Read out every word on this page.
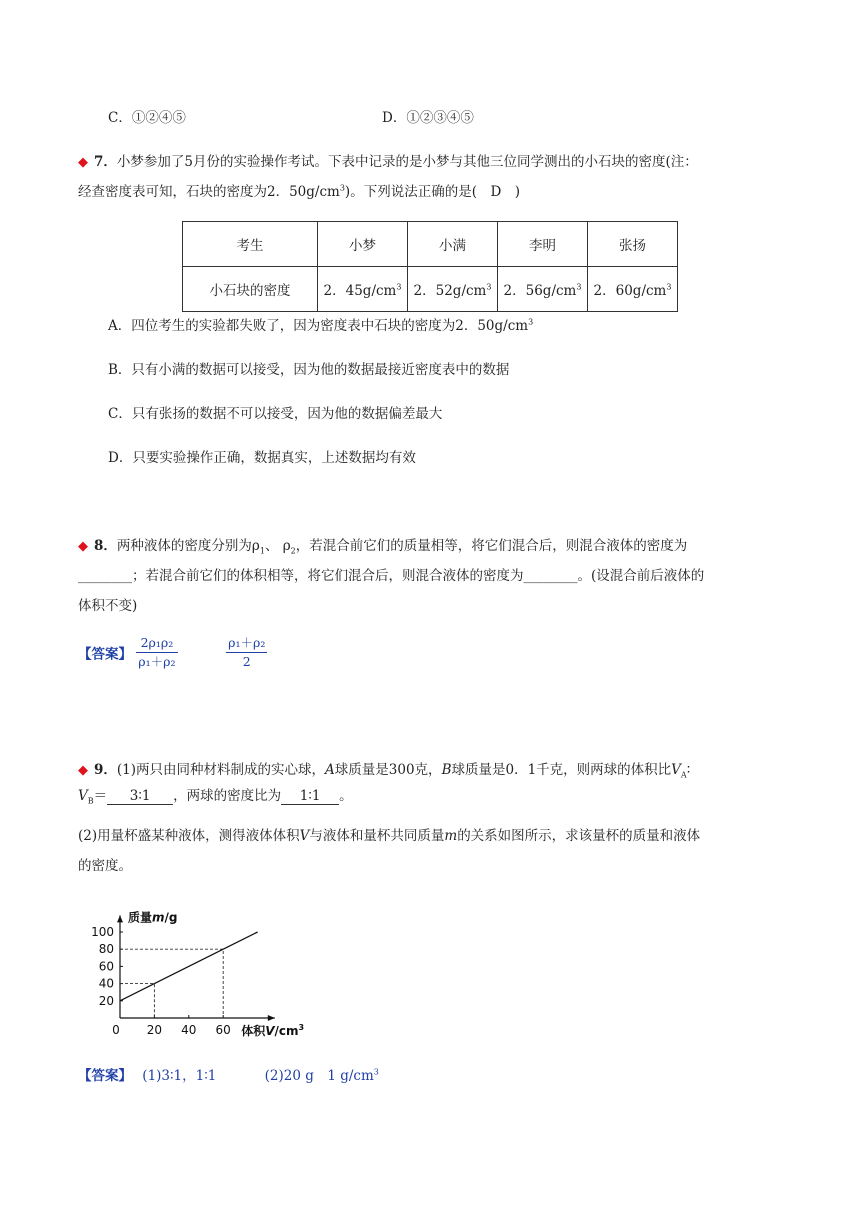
C．①②④⑤	D．①②③④⑤
◆ 7．小梦参加了5月份的实验操作考试。下表中记录的是小梦与其他三位同学测出的小石块的密度(注：
经查密度表可知，石块的密度为2．$50g/cm^3$)。下列说法正确的是(　D　)
考生	小梦	小满	李明	张扬
小石块的密度	2．$45g/cm^3$	2．$52g/cm^3$	2．$56g/cm^3$	2．$60g/cm^3$
A．四位考生的实验都失败了，因为密度表中石块的密度为2．$50g/cm^3$
B．只有小满的数据可以接受，因为他的数据最接近密度表中的数据
C．只有张扬的数据不可以接受，因为他的数据偏差最大
D．只要实验操作正确，数据真实，上述数据均有效
◆ 8．两种液体的密度分别为$\rho_1$、 $\rho_2$，若混合前它们的质量相等，将它们混合后，则混合液体的密度为
________；若混合前它们的体积相等，将它们混合后，则混合液体的密度为________。(设混合前后液体的
体积不变)
【答案】 $\frac{\text{2ρ₁ρ₂}}{\text{ρ₁＋ρ₂}}$
	$\frac{\text{ρ₁＋ρ₂}}{2}$
◆ 9．(1)两只由同种材料制成的实心球，A球质量是300克，B球质量是0．1千克，则两球的体积比$V_A∶$
$V_B=$ 3∶1 ，两球的密度比为 1∶1 。
(2)用量杯盛某种液体，测得液体体积V与液体和量杯共同质量m的关系如图所示，求该量杯的质量和液体
的密度。
20
40
60
80
100
0 20 40 60
质量m/g
体积$V/cm^3$
【答案】 (1)3∶1，1∶1	(2)20 g　1 $g/cm^3$
